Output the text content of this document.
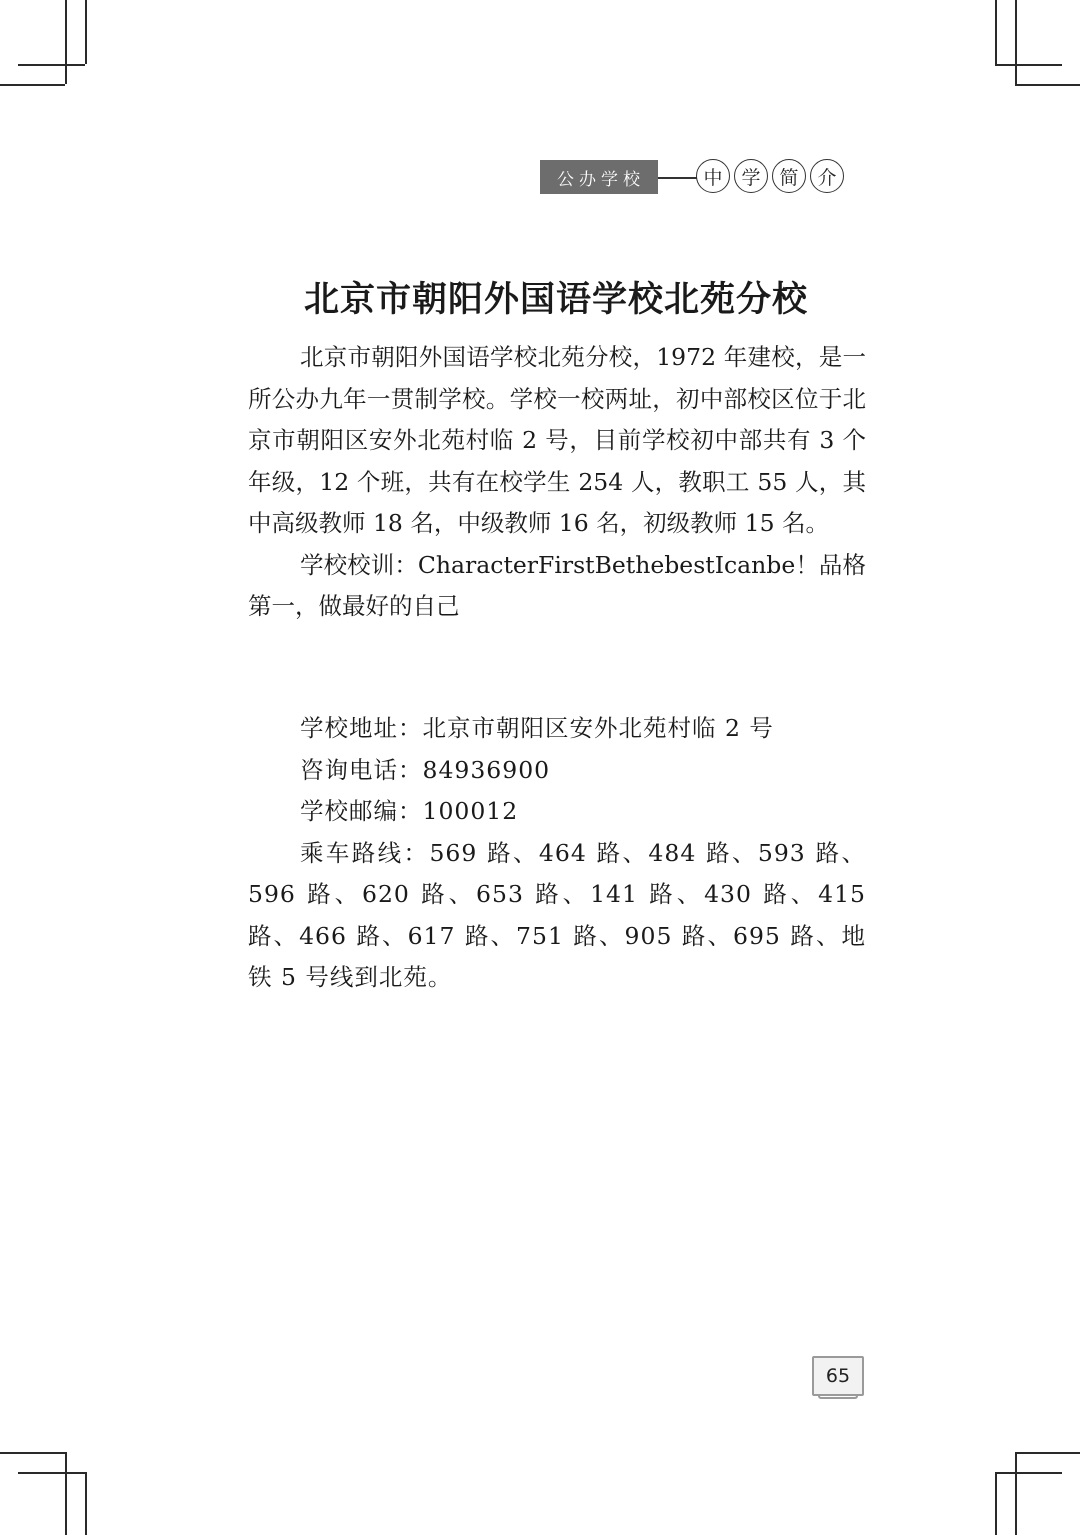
公办学校	中 学 简 介
北京市朝阳外国语学校北苑分校

北京市朝阳外国语学校北苑分校，1972 年建校，是一所公办九年一贯制学校。学校一校两址，初中部校区位于北京市朝阳区安外北苑村临 2 号，目前学校初中部共有 3 个年级，12 个班，共有在校学生 254 人，教职工 55 人，其中高级教师 18 名，中级教师 16 名，初级教师 15 名。

学校校训：CharacterFirstBethebestIcanbe！品格第一，做最好的自己

学校地址：北京市朝阳区安外北苑村临 2 号

咨询电话：84936900

学校邮编：100012

乘车路线：569 路、464 路、484 路、593 路、596 路、620 路、653 路、141 路、430 路、415 路、466 路、617 路、751 路、905 路、695 路、地铁 5 号线到北苑。

65
